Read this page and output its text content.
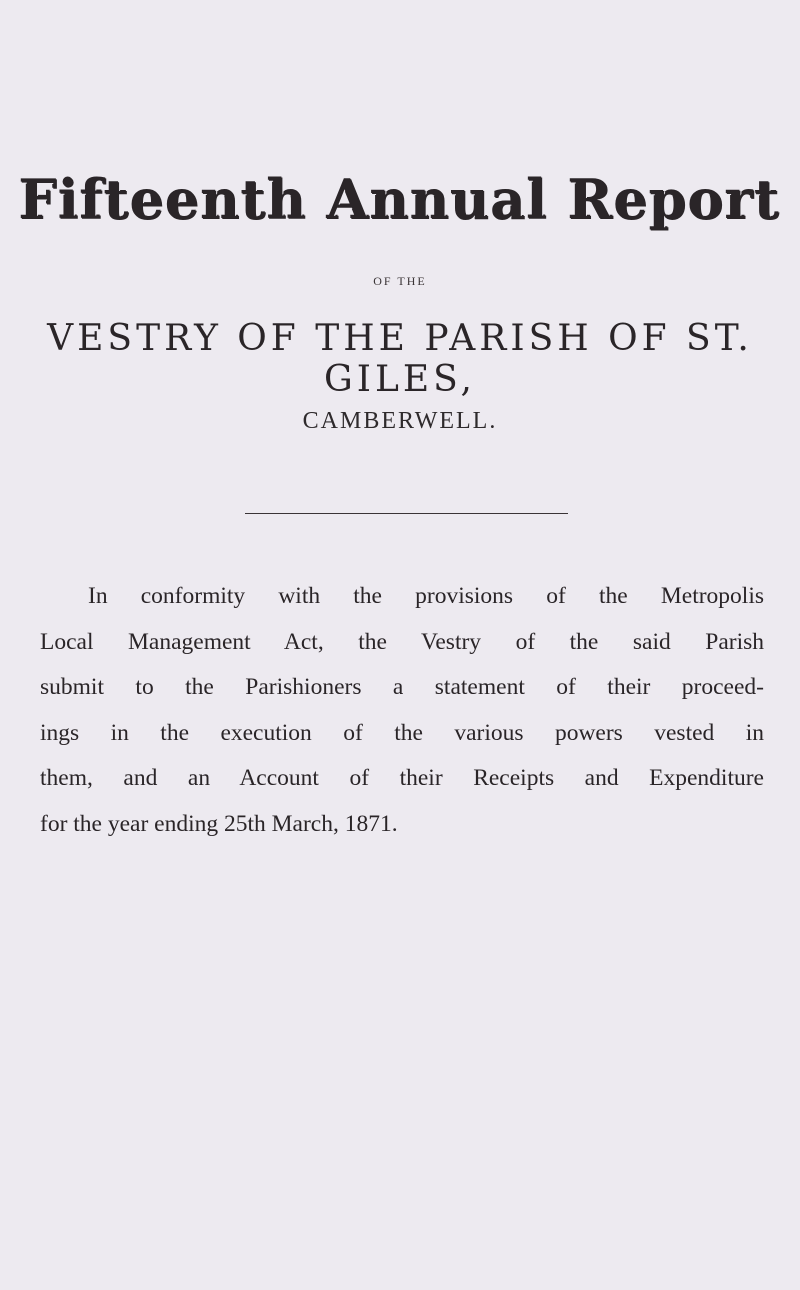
Fifteenth Annual Report
OF THE
VESTRY OF THE PARISH OF ST. GILES,
CAMBERWELL.
In conformity with the provisions of the Metropolis
Local Management Act, the Vestry of the said Parish
submit to the Parishioners a statement of their proceed-
ings in the execution of the various powers vested in
them, and an Account of their Receipts and Expenditure
for the year ending 25th March, 1871.
